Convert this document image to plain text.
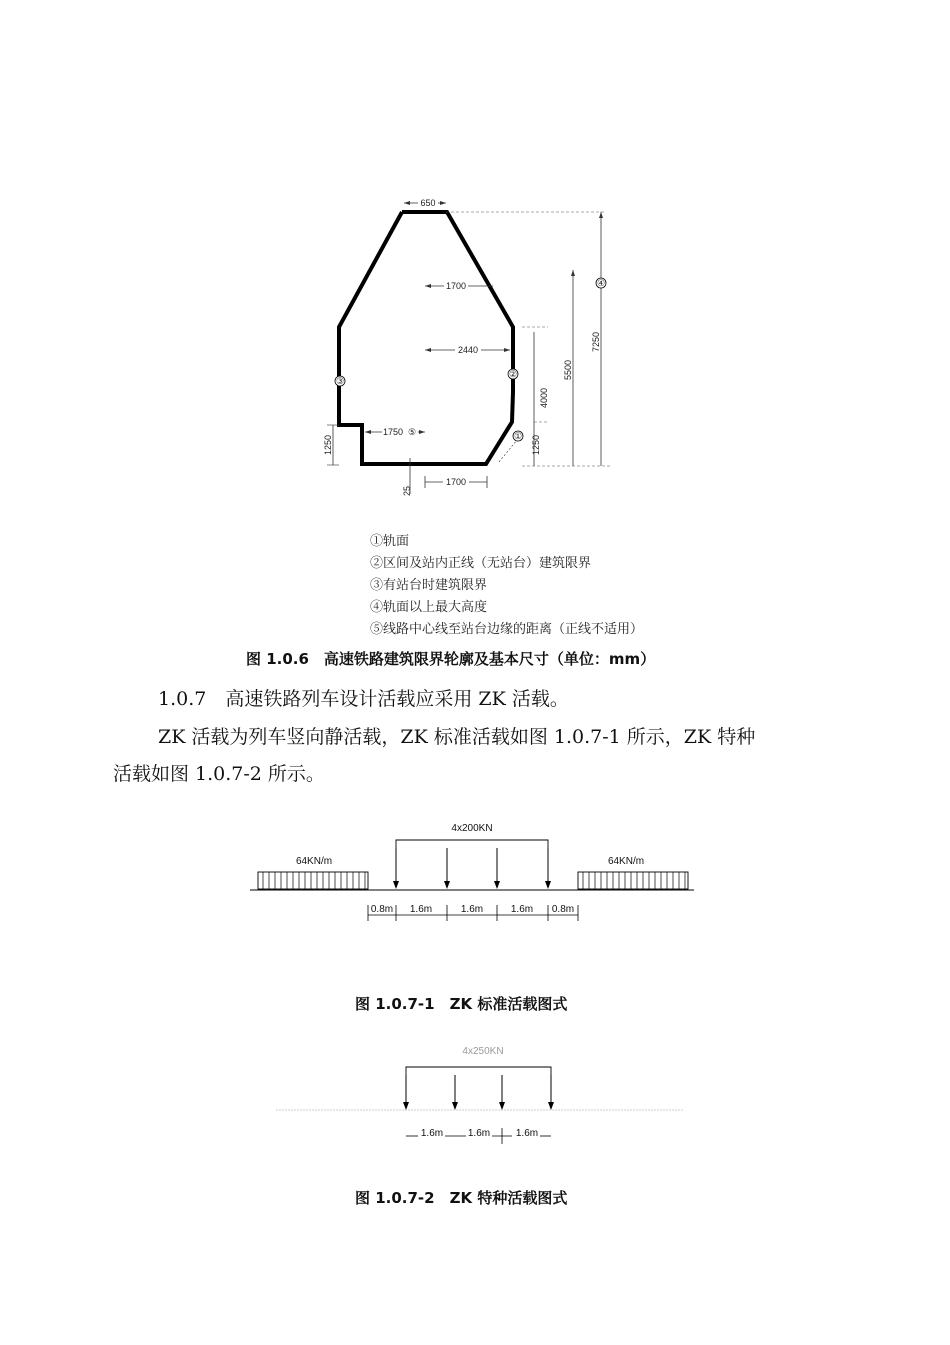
650
1700
2440
1750 ⑤
1700
25
1250
③
②
①
4000
1250
5500
7250
④
①轨面
②区间及站内正线（无站台）建筑限界
③有站台时建筑限界
④轨面以上最大高度
⑤线路中心线至站台边缘的距离（正线不适用）
图 1.0.6　高速铁路建筑限界轮廓及基本尺寸（单位：mm）
1.0.7　高速铁路列车设计活载应采用 ZK 活载。
ZK 活载为列车竖向静活载，ZK 标准活载如图 1.0.7-1 所示，ZK 特种
活载如图 1.0.7-2 所示。
4x200KN
64KN/m	64KN/m
0.8m 1.6m	1.6m	1.6m 0.8m
4x250KN
1.6m 1.6m	1.6m
图 1.0.7-1　ZK 标准活载图式
图 1.0.7-2　ZK 特种活载图式
